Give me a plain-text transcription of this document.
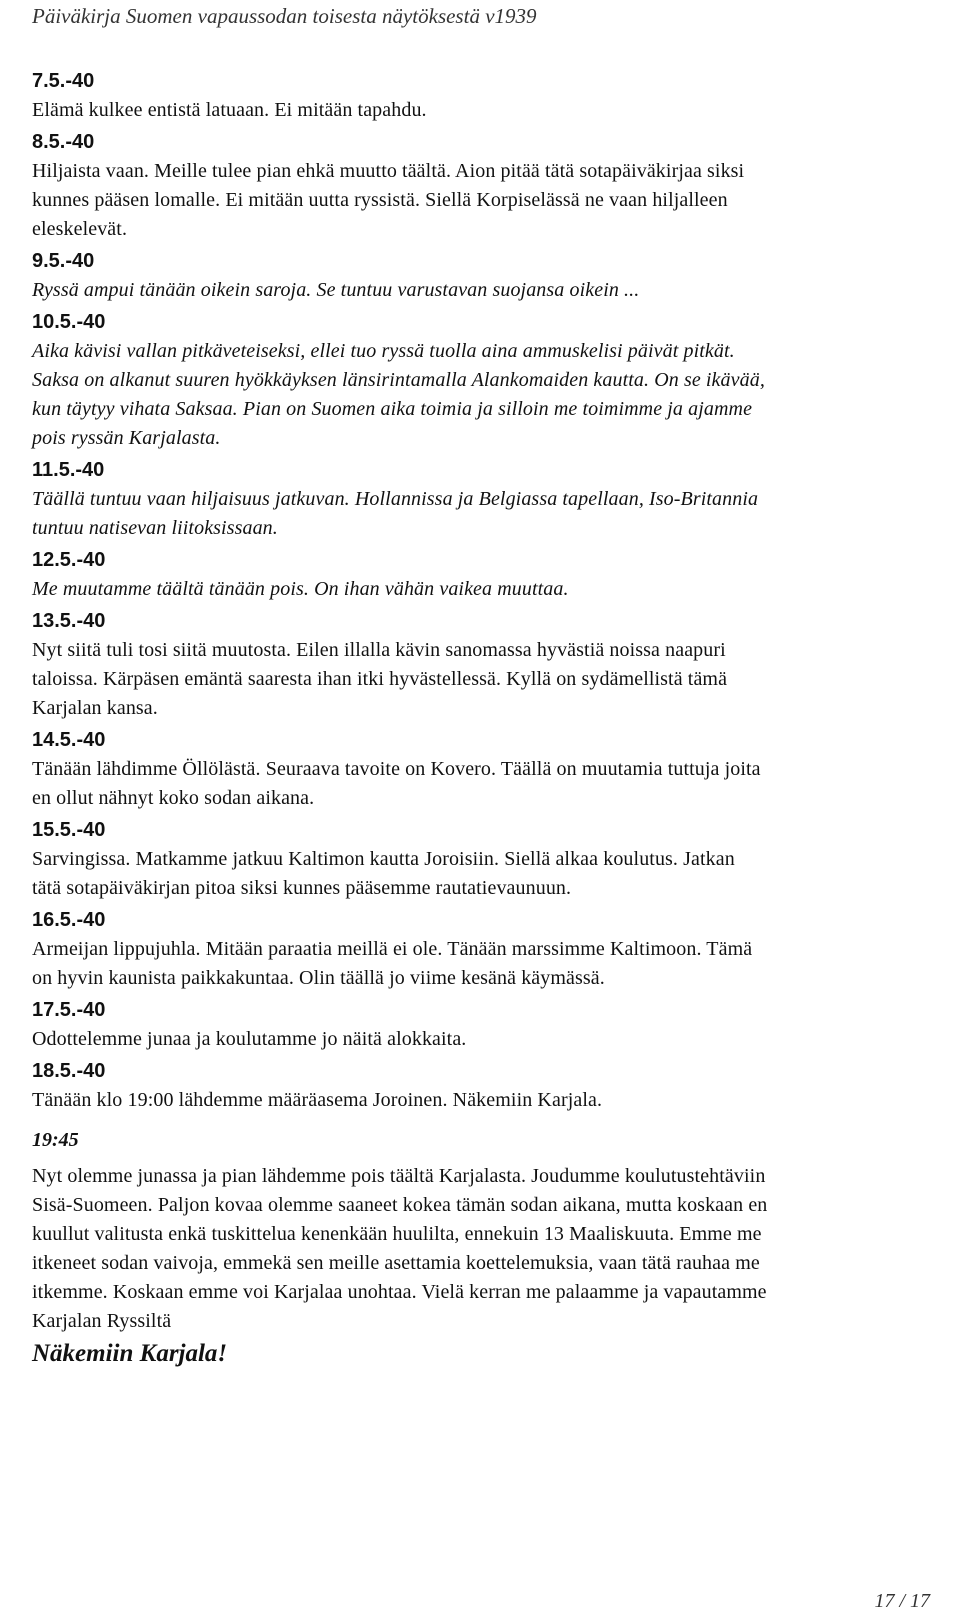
Päiväkirja Suomen vapaussodan toisesta näytöksestä v1939
7.5.-40
Elämä kulkee entistä latuaan. Ei mitään tapahdu.
8.5.-40
Hiljaista vaan. Meille tulee pian ehkä muutto täältä. Aion pitää tätä sotapäiväkirjaa siksi
kunnes pääsen lomalle. Ei mitään uutta ryssistä. Siellä Korpiselässä ne vaan hiljalleen
eleskelevät.
9.5.-40
Ryssä ampui tänään oikein saroja. Se tuntuu varustavan suojansa oikein ...
10.5.-40
Aika kävisi vallan pitkäveteiseksi, ellei tuo ryssä tuolla aina ammuskelisi päivät pitkät.
Saksa on alkanut suuren hyökkäyksen länsirintamalla Alankomaiden kautta. On se ikävää,
kun täytyy vihata Saksaa. Pian on Suomen aika toimia ja silloin me toimimme ja ajamme
pois ryssän Karjalasta.
11.5.-40
Täällä tuntuu vaan hiljaisuus jatkuvan. Hollannissa ja Belgiassa tapellaan, Iso-Britannia
tuntuu natisevan liitoksissaan.
12.5.-40
Me muutamme täältä tänään pois. On ihan vähän vaikea muuttaa.
13.5.-40
Nyt siitä tuli tosi siitä muutosta. Eilen illalla kävin sanomassa hyvästiä noissa naapuri
taloissa. Kärpäsen emäntä saaresta ihan itki hyvästellessä. Kyllä on sydämellistä tämä
Karjalan kansa.
14.5.-40
Tänään lähdimme Öllölästä. Seuraava tavoite on Kovero. Täällä on muutamia tuttuja joita
en ollut nähnyt koko sodan aikana.
15.5.-40
Sarvingissa. Matkamme jatkuu Kaltimon kautta Joroisiin. Siellä alkaa koulutus. Jatkan
tätä sotapäiväkirjan pitoa siksi kunnes pääsemme rautatievaunuun.
16.5.-40
Armeijan lippujuhla. Mitään paraatia meillä ei ole. Tänään marssimme Kaltimoon. Tämä
on hyvin kaunista paikkakuntaa. Olin täällä jo viime kesänä käymässä.
17.5.-40
Odottelemme junaa ja koulutamme jo näitä alokkaita.
18.5.-40
Tänään klo 19:00 lähdemme määräasema Joroinen. Näkemiin Karjala.
19:45
Nyt olemme junassa ja pian lähdemme pois täältä Karjalasta. Joudumme koulutustehtäviin
Sisä-Suomeen. Paljon kovaa olemme saaneet kokea tämän sodan aikana, mutta koskaan en
kuullut valitusta enkä tuskittelua kenenkään huulilta, ennekuin 13 Maaliskuuta. Emme me
itkeneet sodan vaivoja, emmekä sen meille asettamia koettelemuksia, vaan tätä rauhaa me
itkemme. Koskaan emme voi Karjalaa unohtaa. Vielä kerran me palaamme ja vapautamme
Karjalan Ryssiltä
Näkemiin Karjala!
17 / 17
